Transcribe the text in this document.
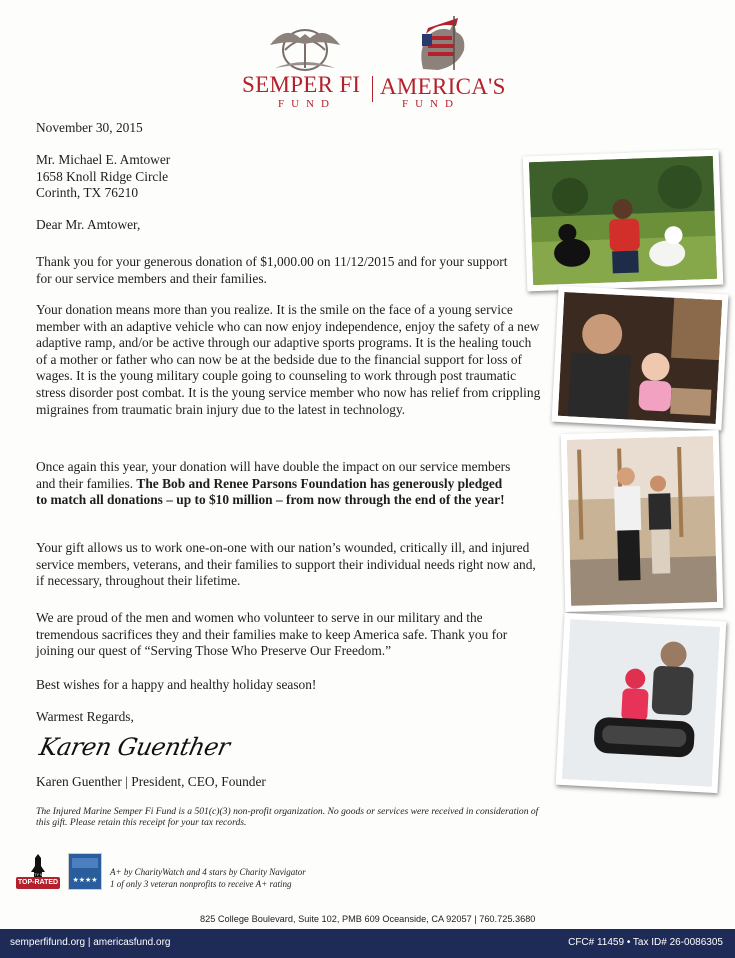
SEMPER FI
FUND
AMERICA'S
FUND
November 30, 2015
Mr. Michael E. Amtower
1658 Knoll Ridge Circle
Corinth, TX 76210
Dear Mr. Amtower,

Thank you for your generous donation of $1,000.00 on 11/12/2015 and for your support for our service members and their families.

Your donation means more than you realize. It is the smile on the face of a young service member with an adaptive vehicle who can now enjoy independence, enjoy the safety of a new adaptive ramp, and/or be active through our adaptive sports programs. It is the healing touch of a mother or father who can now be at the bedside due to the financial support for loss of wages. It is the young military couple going to counseling to work through post traumatic stress disorder post combat. It is the young service member who now has relief from crippling migraines from traumatic brain injury due to the latest in technology.

Once again this year, your donation will have double the impact on our service members and their families. The Bob and Renee Parsons Foundation has generously pledged to match all donations – up to $10 million – from now through the end of the year!

Your gift allows us to work one-on-one with our nation’s wounded, critically ill, and injured service members, veterans, and their families to support their individual needs right now and, if necessary, throughout their lifetime.

We are proud of the men and women who volunteer to serve in our military and the tremendous sacrifices they and their families make to keep America safe. Thank you for joining our quest of “Serving Those Who Preserve Our Freedom.”

Best wishes for a happy and healthy holiday season!
Warmest Regards,
Karen Guenther
Karen Guenther | President, CEO, Founder

The Injured Marine Semper Fi Fund is a 501(c)(3) non-profit organization. No goods or services were received in consideration of this gift. Please retain this receipt for your tax records.

CHARITY WATCH
TOP-RATED ★★★★
A+ by CharityWatch and 4 stars by Charity Navigator
1 of only 3 veteran nonprofits to receive A+ rating
825 College Boulevard, Suite 102, PMB 609 Oceanside, CA 92057 | 760.725.3680
semperfifund.org | americasfund.org	CFC# 11459 • Tax ID# 26-0086305
